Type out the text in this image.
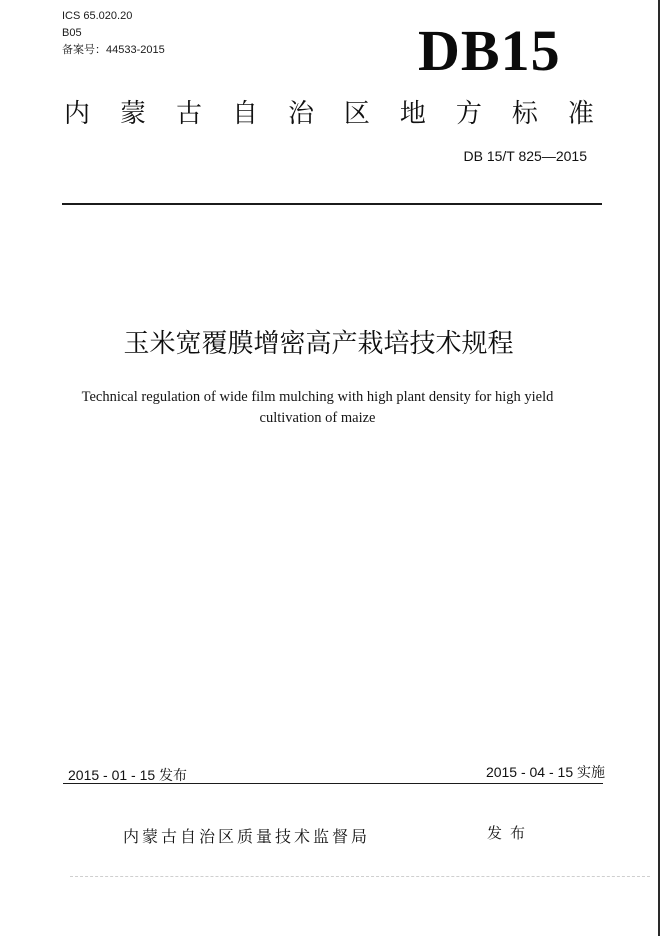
ICS 65.020.20
B05
备案号：44533-2015	DB15
内 蒙 古 自 治 区 地 方 标 准
DB 15/T 825—2015
玉米宽覆膜增密高产栽培技术规程
Technical regulation of wide film mulching with high plant density for high yield
cultivation of maize
2015 - 01 - 15 发布	2015 - 04 - 15 实施
内蒙古自治区质量技术监督局	发布
